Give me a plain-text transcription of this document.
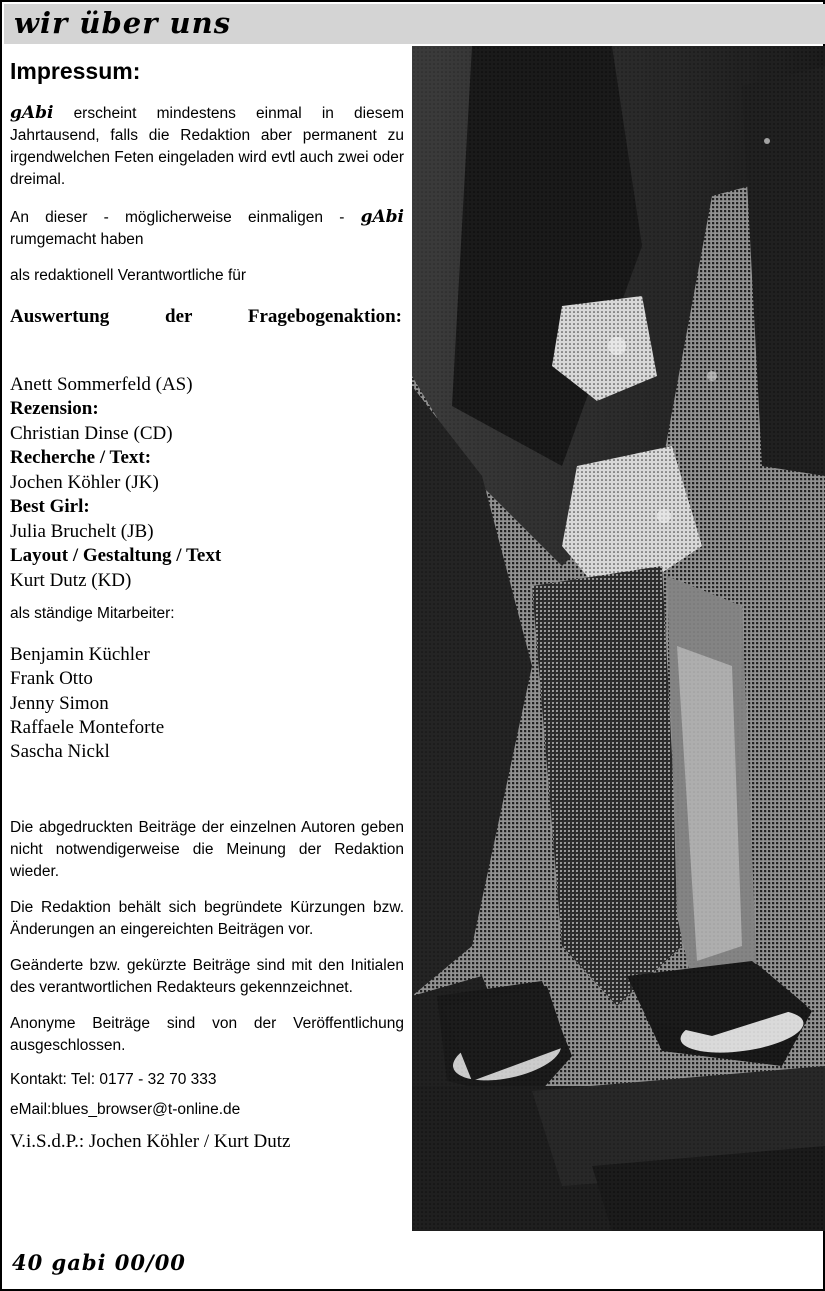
wir über uns
Impressum:

gAbi erscheint mindestens einmal in diesem Jahrtausend, falls die Redaktion aber permanent zu irgendwelchen Feten eingeladen wird evtl auch zwei oder dreimal.

An dieser - möglicherweise einmaligen - gAbi rumgemacht haben

als redaktionell Verantwortliche für

Auswertung der Fragebogenaktion:

Anett Sommerfeld (AS)

Rezension:

Christian Dinse (CD)

Recherche / Text:

Jochen Köhler (JK)

Best Girl:

Julia Bruchelt (JB)

Layout / Gestaltung / Text

Kurt Dutz (KD)

als ständige Mitarbeiter:

Benjamin Küchler

Frank Otto

Jenny Simon

Raffaele Monteforte

Sascha Nickl

Die abgedruckten Beiträge der einzelnen Autoren geben nicht notwendigerweise die Meinung der Redaktion wieder.

Die Redaktion behält sich begründete Kürzungen bzw. Änderungen an eingereichten Beiträgen vor.

Geänderte bzw. gekürzte Beiträge sind mit den Initialen des verantwortlichen Redakteurs gekennzeichnet.

Anonyme Beiträge sind von der Veröffentlichung ausgeschlossen.

Kontakt: Tel: 0177 - 32 70 333

eMail:blues_browser@t-online.de

V.i.S.d.P.: Jochen Köhler / Kurt Dutz

40 gabi 00/00
